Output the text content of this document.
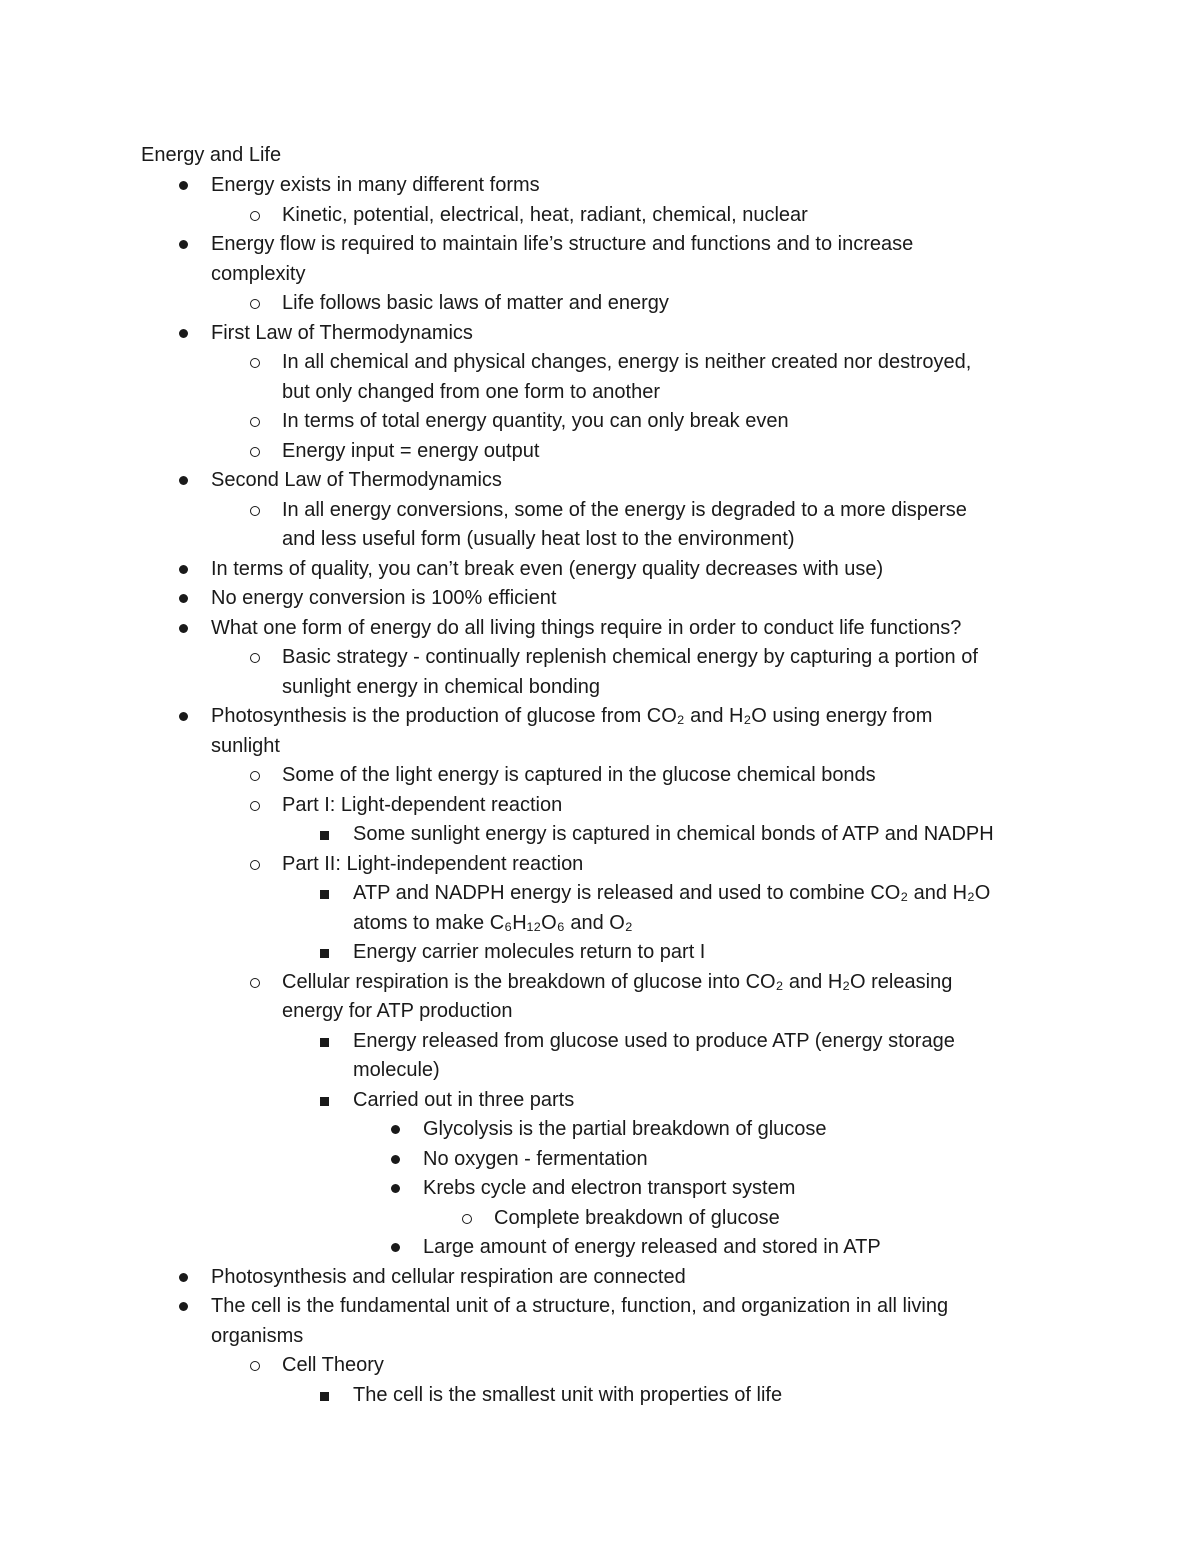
Energy and Life
Energy exists in many different forms
Kinetic, potential, electrical, heat, radiant, chemical, nuclear
Energy flow is required to maintain life’s structure and functions and to increase
complexity
Life follows basic laws of matter and energy
First Law of Thermodynamics
In all chemical and physical changes, energy is neither created nor destroyed,
but only changed from one form to another
In terms of total energy quantity, you can only break even
Energy input = energy output
Second Law of Thermodynamics
In all energy conversions, some of the energy is degraded to a more disperse
and less useful form (usually heat lost to the environment)
In terms of quality, you can’t break even (energy quality decreases with use)
No energy conversion is 100% efficient
What one form of energy do all living things require in order to conduct life functions?
Basic strategy - continually replenish chemical energy by capturing a portion of
sunlight energy in chemical bonding
Photosynthesis is the production of glucose from CO₂ and H₂O using energy from
sunlight
Some of the light energy is captured in the glucose chemical bonds
Part I: Light-dependent reaction
Some sunlight energy is captured in chemical bonds of ATP and NADPH
Part II: Light-independent reaction
ATP and NADPH energy is released and used to combine CO₂ and H₂O
atoms to make C₆H₁₂O₆ and O₂
Energy carrier molecules return to part I
Cellular respiration is the breakdown of glucose into CO₂ and H₂O releasing
energy for ATP production
Energy released from glucose used to produce ATP (energy storage
molecule)
Carried out in three parts
Glycolysis is the partial breakdown of glucose
No oxygen - fermentation
Krebs cycle and electron transport system
Complete breakdown of glucose
Large amount of energy released and stored in ATP
Photosynthesis and cellular respiration are connected
The cell is the fundamental unit of a structure, function, and organization in all living
organisms
Cell Theory
The cell is the smallest unit with properties of life
